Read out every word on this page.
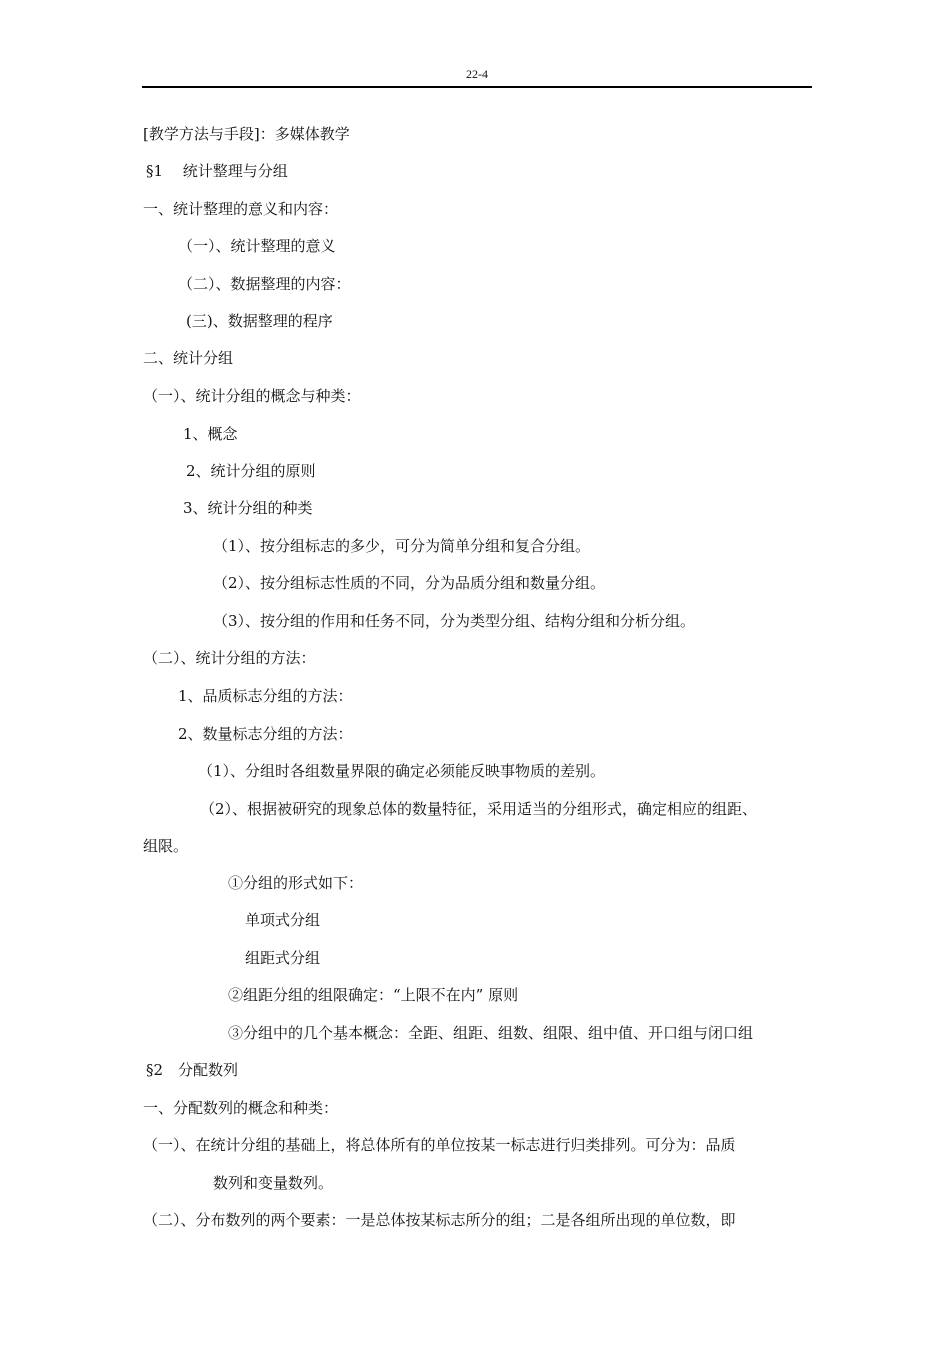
22-4
[教学方法与手段]：多媒体教学
§1　 统计整理与分组
一、统计整理的意义和内容：
（一）、统计整理的意义
（二）、数据整理的内容：
(三)、数据整理的程序
二、统计分组
（一）、统计分组的概念与种类：
1、概念
2、统计分组的原则
3、统计分组的种类
（1）、按分组标志的多少，可分为简单分组和复合分组。
（2）、按分组标志性质的不同，分为品质分组和数量分组。
（3）、按分组的作用和任务不同，分为类型分组、结构分组和分析分组。
（二）、统计分组的方法：
1、品质标志分组的方法：
2、数量标志分组的方法：
（1）、分组时各组数量界限的确定必须能反映事物质的差别。
（2）、根据被研究的现象总体的数量特征，采用适当的分组形式，确定相应的组距、
组限。
①分组的形式如下：
单项式分组
组距式分组
②组距分组的组限确定：“上限不在内” 原则
③分组中的几个基本概念：全距、组距、组数、组限、组中值、开口组与闭口组
§2　分配数列
一、分配数列的概念和种类：
（一）、在统计分组的基础上，将总体所有的单位按某一标志进行归类排列。可分为：品质
数列和变量数列。
（二）、分布数列的两个要素：一是总体按某标志所分的组；二是各组所出现的单位数，即
